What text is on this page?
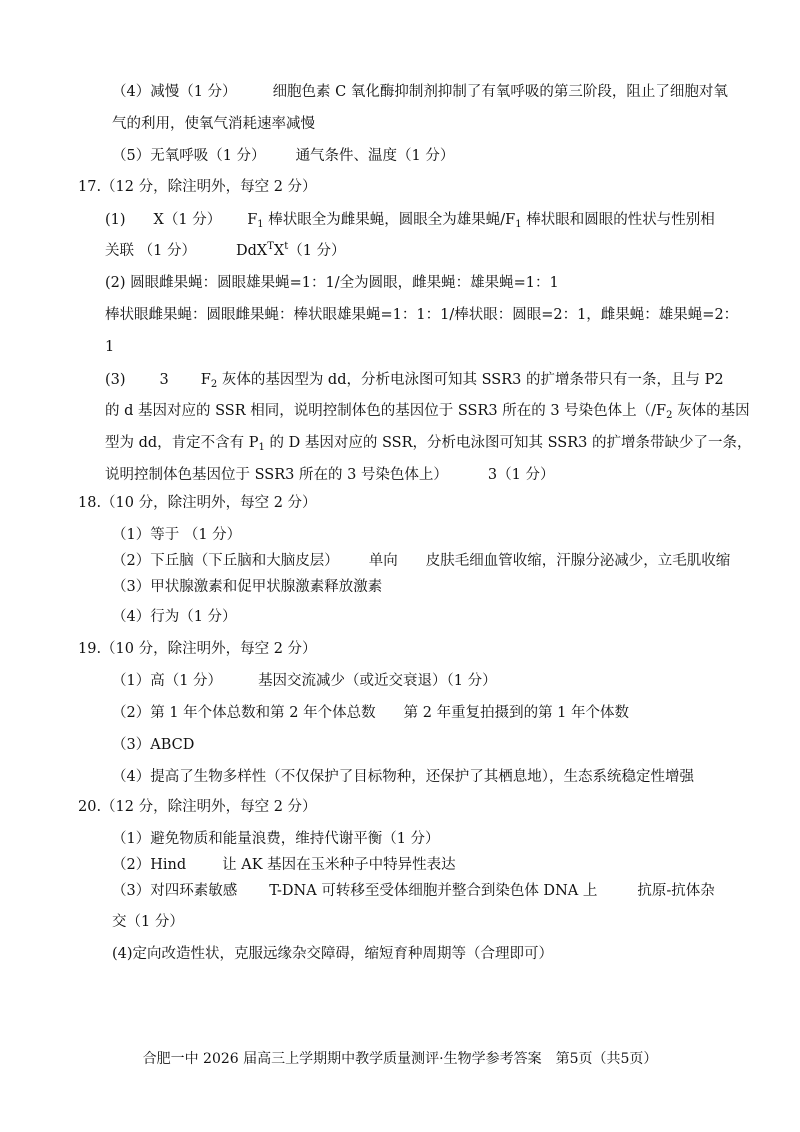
（4）减慢（1 分） 细胞色素 C 氧化酶抑制剂抑制了有氧呼吸的第三阶段，阻止了细胞对氧
气的利用，使氧气消耗速率减慢
（5）无氧呼吸（1 分） 通气条件、温度（1 分）
17.（12 分，除注明外，每空 2 分）
(1) X（1 分） $F_1$ 棒状眼全为雌果蝇，圆眼全为雄果蝇$/F_1$ 棒状眼和圆眼的性状与性别相
关联 （1 分）	$DdX^TX^t(1$ 分）
(2) 圆眼雌果蝇：圆眼雄果蝇=1：1/全为圆眼，雌果蝇：雄果蝇=1：1
棒状眼雌果蝇：圆眼雌果蝇：棒状眼雄果蝇=1：1：1/棒状眼：圆眼=2：1，雌果蝇：雄果蝇=2：
1
(3) 3 $F_2$ 灰体的基因型为 dd，分析电泳图可知其 SSR3 的扩增条带只有一条，且与 P2
的 d 基因对应的 SSR 相同，说明控制体色的基因位于 SSR3 所在的 3 号染色体上（$/F_2$ 灰体的基因
型为 dd，肯定不含有 $P_1$ 的 D 基因对应的 SSR，分析电泳图可知其 SSR3 的扩增条带缺少了一条，
说明控制体色基因位于 SSR3 所在的 3 号染色体上）	3（1 分）
18.（10 分，除注明外，每空 2 分）
（1）等于 （1 分）
（2）下丘脑（下丘脑和大脑皮层） 单向 皮肤毛细血管收缩，汗腺分泌减少，立毛肌收缩
（3）甲状腺激素和促甲状腺激素释放激素
（4）行为（1 分）
19.（10 分，除注明外，每空 2 分）
（1）高（1 分） 基因交流减少（或近交衰退）（1 分）
（2）第 1 年个体总数和第 2 年个体总数 第 2 年重复拍摄到的第 1 年个体数
（3）ABCD
（4）提高了生物多样性（不仅保护了目标物种，还保护了其栖息地），生态系统稳定性增强
20.（12 分，除注明外，每空 2 分）
（1）避免物质和能量浪费，维持代谢平衡（1 分）
（2）Hind 让 AK 基因在玉米种子中特异性表达
（3）对四环素敏感 T-DNA 可转移至受体细胞并整合到染色体 DNA 上	抗原-抗体杂
交（1 分）
(4)定向改造性状，克服远缘杂交障碍，缩短育种周期等（合理即可）
合肥一中 2026 届高三上学期期中教学质量测评·生物学参考答案　第5页（共5页）
